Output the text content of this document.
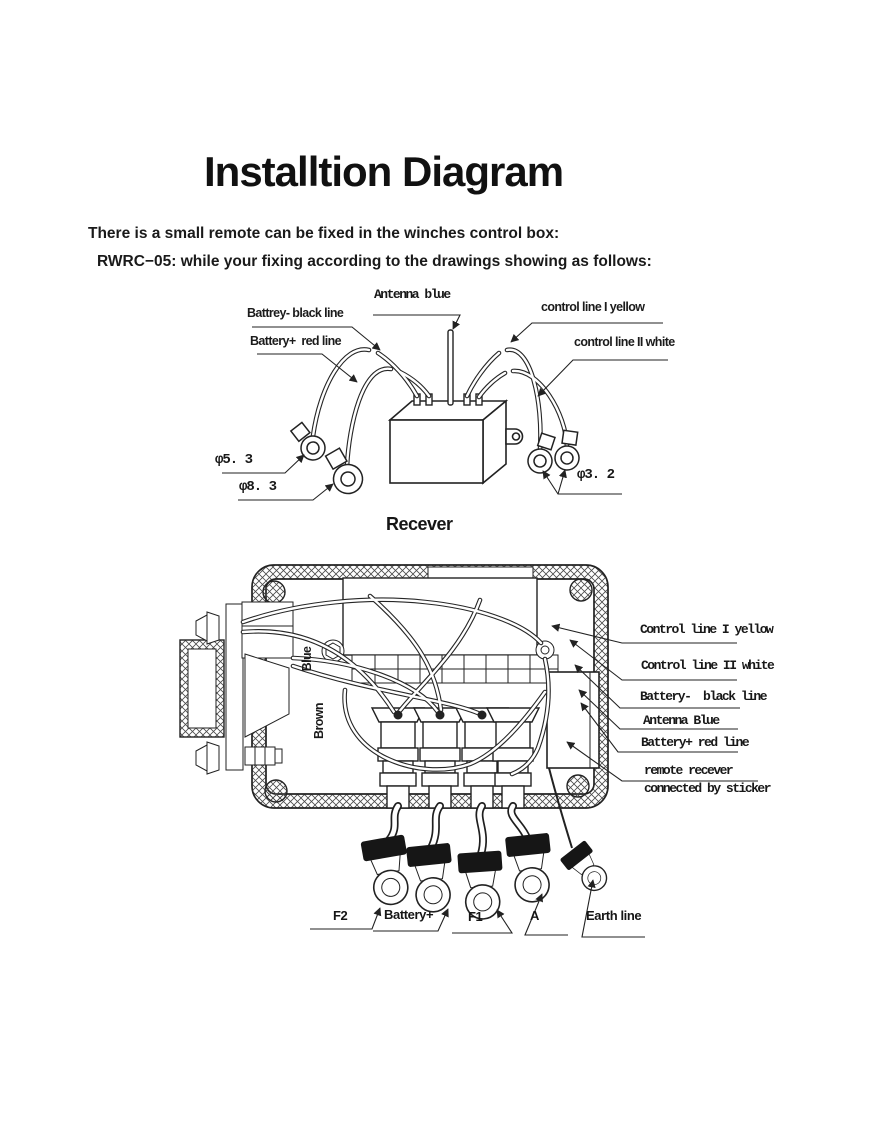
Installtion Diagram
There is a small remote can be fixed in the winches control box:
RWRC−05: while your fixing according to the drawings showing as follows:
Antenna blue
Battrey- black line
Battery+  red line
control line I yellow
control line II white
φ5. 3
φ8. 3
φ3. 2
Recever
Control line I yellow
Control line II white
Battery-  black line
Antenna Blue
Battery+ red line
remote recever
connected by sticker
Blue
Brown
F2	Battery+	F1	A	Earth line
